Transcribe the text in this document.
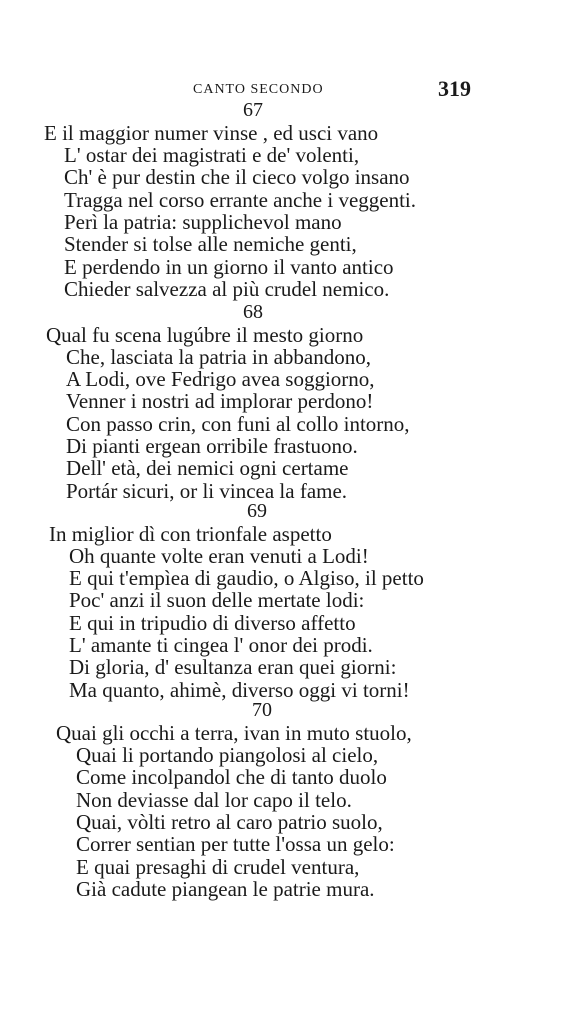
CANTO SECONDO	319
67
E il maggior numer vinse , ed usci vano
L' ostar dei magistrati e de' volenti,
Ch' è pur destin che il cieco volgo insano
Tragga nel corso errante anche i veggenti.
Perì la patria: supplichevol mano
Stender si tolse alle nemiche genti,
E perdendo in un giorno il vanto antico
Chieder salvezza al più crudel nemico.
68
Qual fu scena lugúbre il mesto giorno
Che, lasciata la patria in abbandono,
A Lodi, ove Fedrigo avea soggiorno,
Venner i nostri ad implorar perdono!
Con passo crin, con funi al collo intorno,
Di pianti ergean orribile frastuono.
Dell' età, dei nemici ogni certame
Portár sicuri, or li vincea la fame.
69
In miglior dì con trionfale aspetto
Oh quante volte eran venuti a Lodi!
E qui t'empìea di gaudio, o Algiso, il petto
Poc' anzi il suon delle mertate lodi:
E qui in tripudio di diverso affetto
L' amante ti cingea l' onor dei prodi.
Di gloria, d' esultanza eran quei giorni:
Ma quanto, ahimè, diverso oggi vi torni!
70
Quai gli occhi a terra, ivan in muto stuolo,
Quai li portando piangolosi al cielo,
Come incolpandol che di tanto duolo
Non deviasse dal lor capo il telo.
Quai, vòlti retro al caro patrio suolo,
Correr sentian per tutte l'ossa un gelo:
E quai presaghi di crudel ventura,
Già cadute piangean le patrie mura.
